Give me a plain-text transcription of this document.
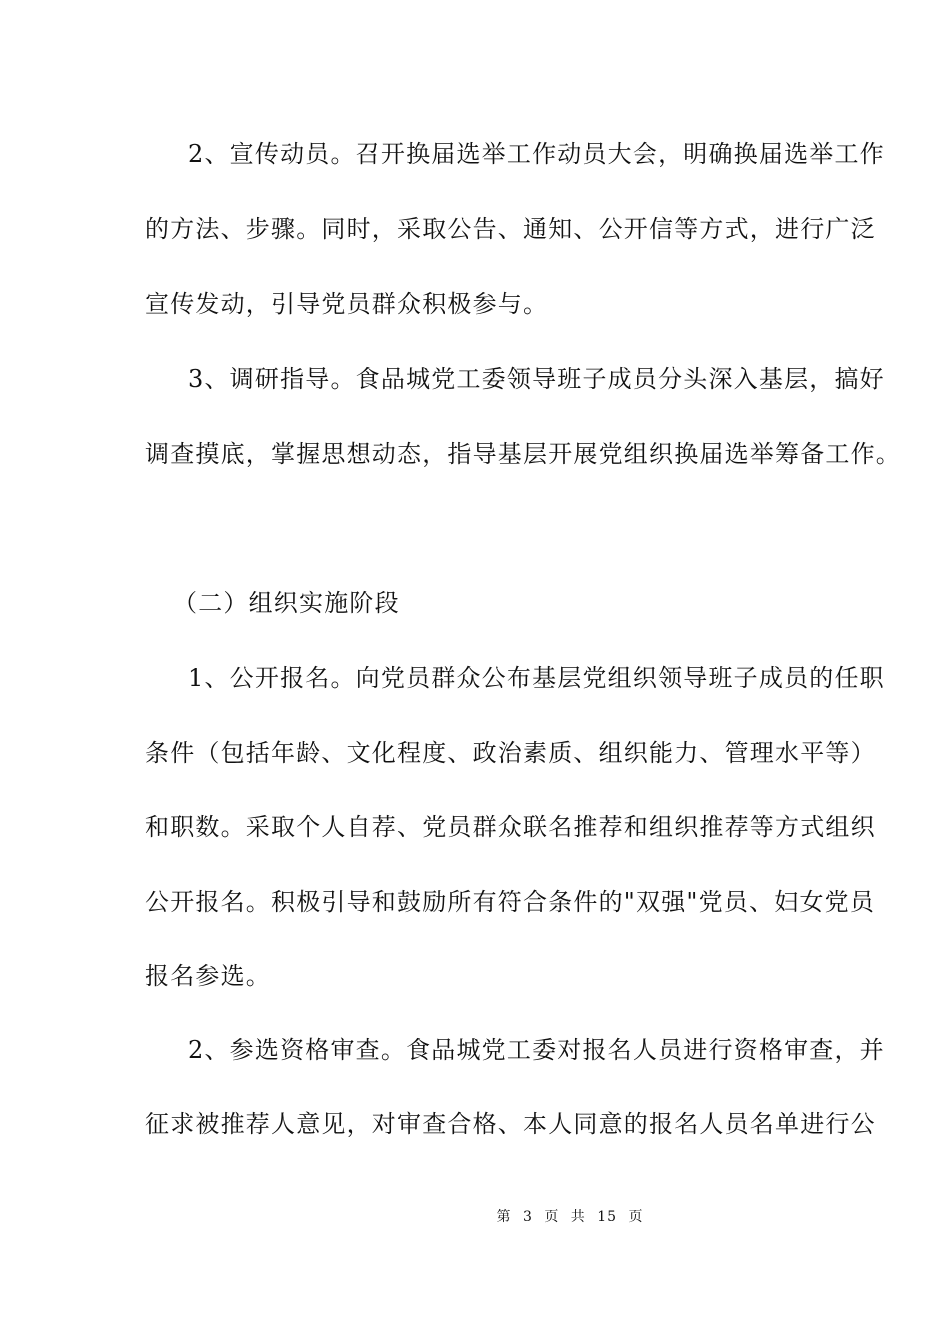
2、宣传动员。召开换届选举工作动员大会，明确换届选举工作
的方法、步骤。同时，采取公告、通知、公开信等方式，进行广泛
宣传发动，引导党员群众积极参与。
3、调研指导。食品城党工委领导班子成员分头深入基层，搞好
调查摸底，掌握思想动态，指导基层开展党组织换届选举筹备工作。
（二）组织实施阶段
1、公开报名。向党员群众公布基层党组织领导班子成员的任职
条件（包括年龄、文化程度、政治素质、组织能力、管理水平等）
和职数。采取个人自荐、党员群众联名推荐和组织推荐等方式组织
公开报名。积极引导和鼓励所有符合条件的"双强"党员、妇女党员
报名参选。
2、参选资格审查。食品城党工委对报名人员进行资格审查，并
征求被推荐人意见，对审查合格、本人同意的报名人员名单进行公
第 3 页 共 15 页
